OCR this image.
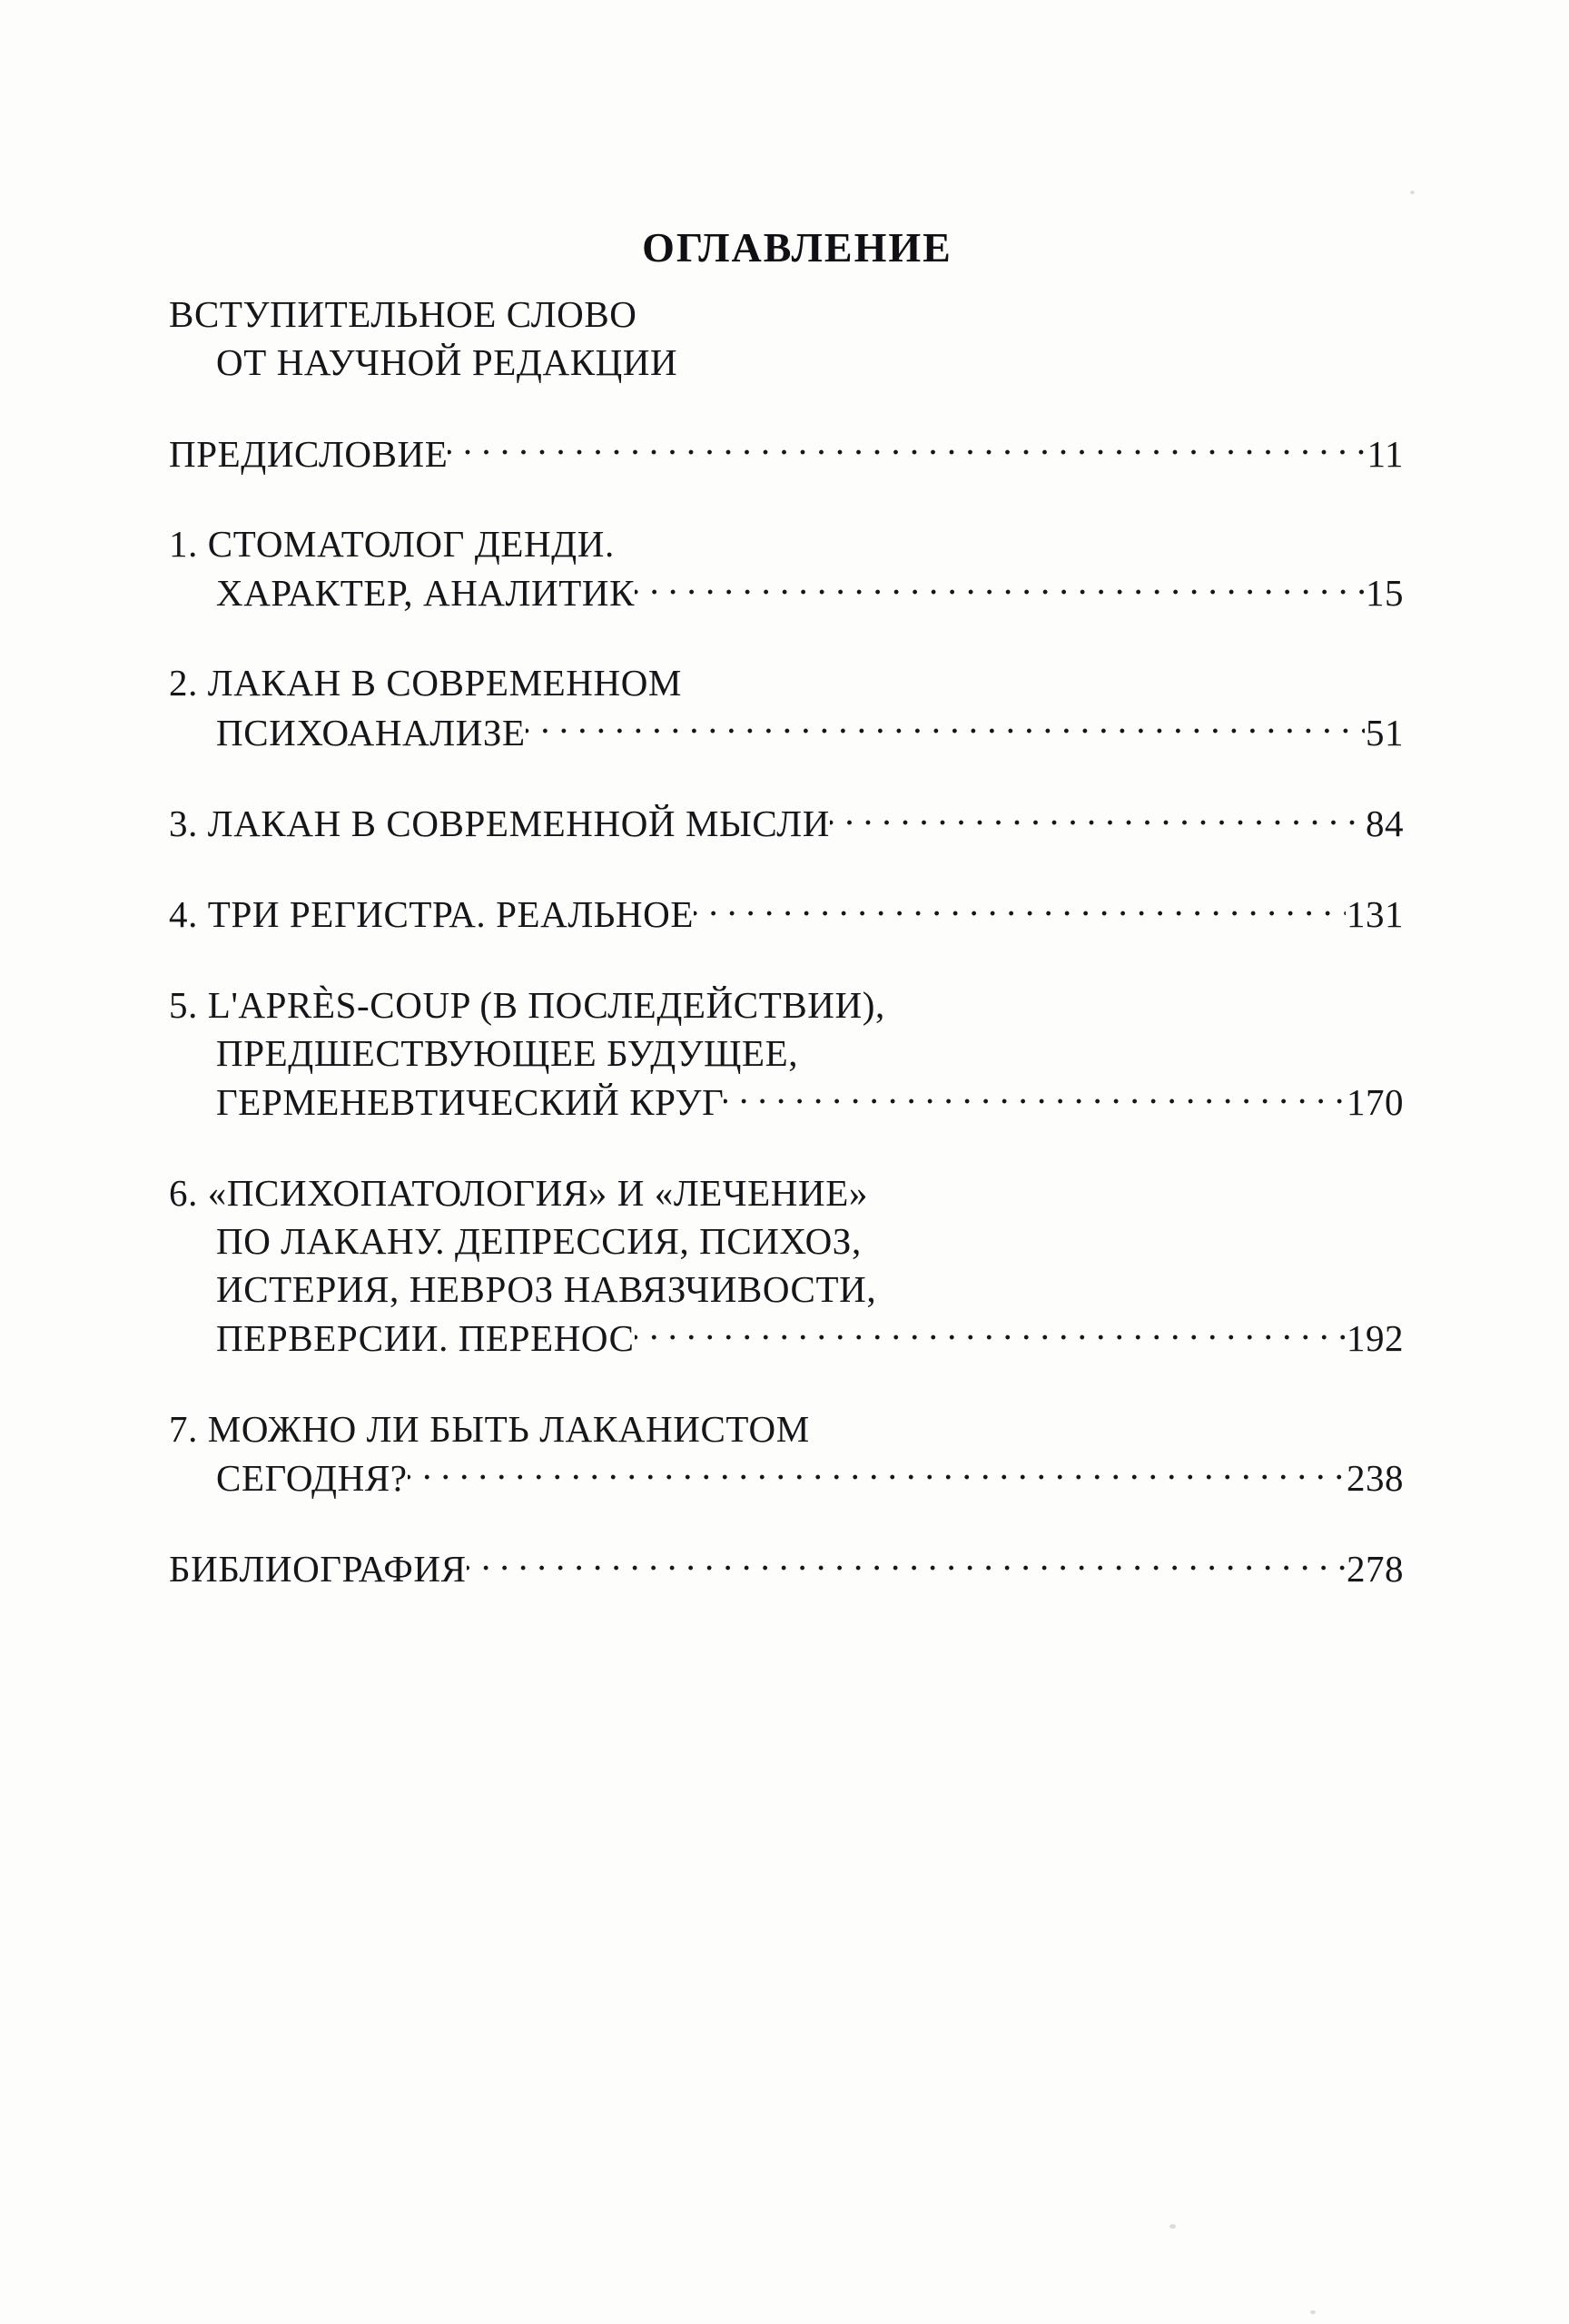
ОГЛАВЛЕНИЕ
ВСТУПИТЕЛЬНОЕ СЛОВО
ОТ НАУЧНОЙ РЕДАКЦИИ
ПРЕДИСЛОВИЕ . . .	11
1. СТОМАТОЛОГ ДЕНДИ.
ХАРАКТЕР, АНАЛИТИК . . .	15
2. ЛАКАН В СОВРЕМЕННОМ
ПСИХОАНАЛИЗЕ . . .	51
3. ЛАКАН В СОВРЕМЕННОЙ МЫСЛИ . . .	84
4. ТРИ РЕГИСТРА. РЕАЛЬНОЕ . . .	131
5. L'APRÈS-COUP (В ПОСЛЕДЕЙСТВИИ),
ПРЕДШЕСТВУЮЩЕЕ БУДУЩЕЕ,
ГЕРМЕНЕВТИЧЕСКИЙ КРУГ . . .	170
6. «ПСИХОПАТОЛОГИЯ» И «ЛЕЧЕНИЕ»
ПО ЛАКАНУ. ДЕПРЕССИЯ, ПСИХОЗ,
ИСТЕРИЯ, НЕВРОЗ НАВЯЗЧИВОСТИ,
ПЕРВЕРСИИ. ПЕРЕНОС . . .	192
7. МОЖНО ЛИ БЫТЬ ЛАКАНИСТОМ
СЕГОДНЯ? . . .	238
БИБЛИОГРАФИЯ . . .	278
